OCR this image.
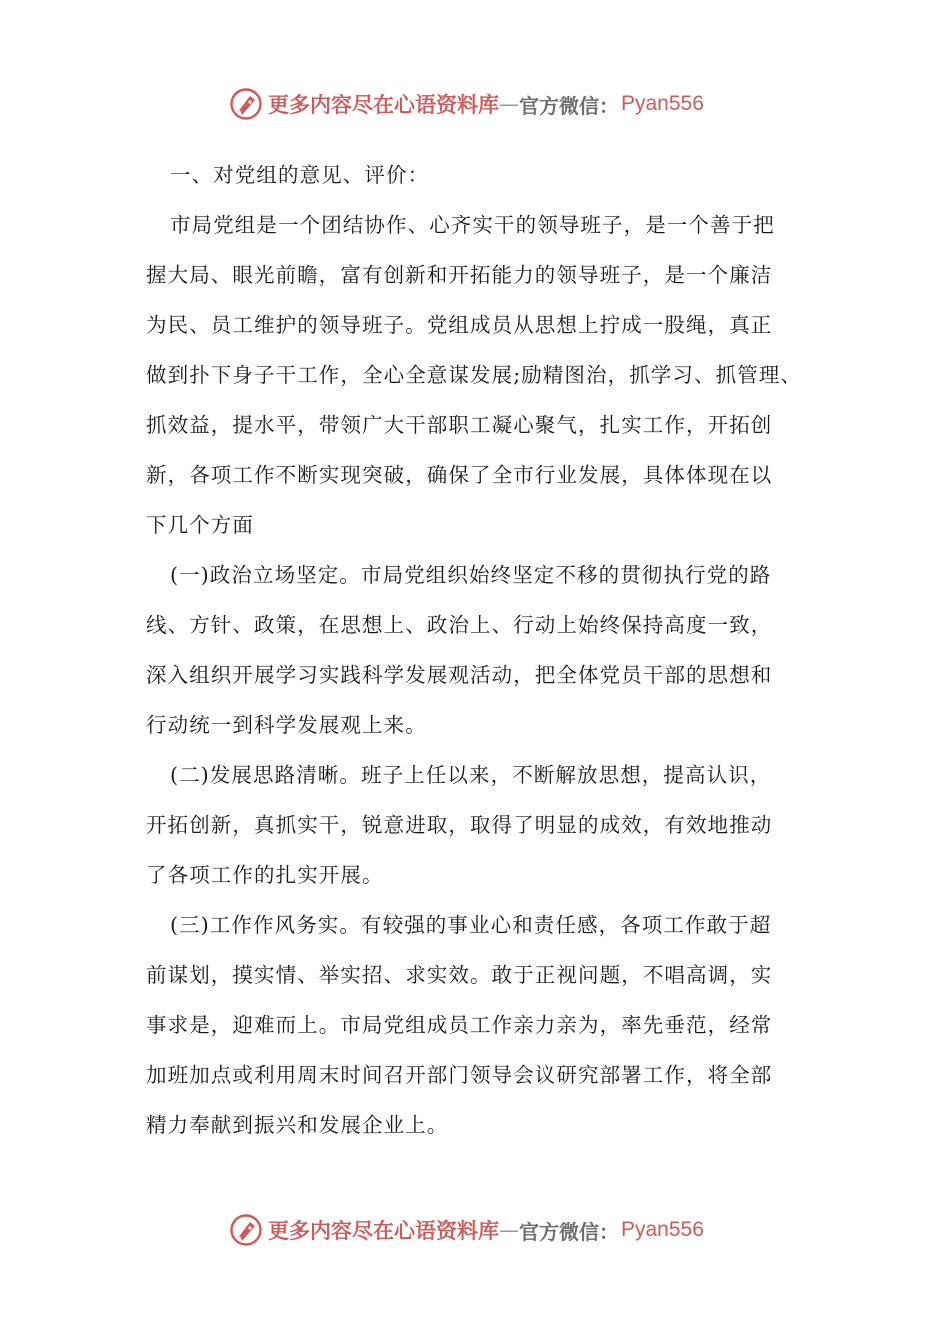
更多内容尽在心语资料库 — 官方微信： Pyan556

一、对党组的意见、评价：

市局党组是一个团结协作、心齐实干的领导班子，是一个善于把
握大局、眼光前瞻，富有创新和开拓能力的领导班子，是一个廉洁
为民、员工维护的领导班子。党组成员从思想上拧成一股绳，真正
做到扑下身子干工作，全心全意谋发展;励精图治，抓学习、抓管理、
抓效益，提水平，带领广大干部职工凝心聚气，扎实工作，开拓创
新，各项工作不断实现突破，确保了全市行业发展，具体体现在以
下几个方面

(一)政治立场坚定。市局党组织始终坚定不移的贯彻执行党的路
线、方针、政策，在思想上、政治上、行动上始终保持高度一致，
深入组织开展学习实践科学发展观活动，把全体党员干部的思想和
行动统一到科学发展观上来。

(二)发展思路清晰。班子上任以来，不断解放思想，提高认识，
开拓创新，真抓实干，锐意进取，取得了明显的成效，有效地推动
了各项工作的扎实开展。

(三)工作作风务实。有较强的事业心和责任感，各项工作敢于超
前谋划，摸实情、举实招、求实效。敢于正视问题，不唱高调，实
事求是，迎难而上。市局党组成员工作亲力亲为，率先垂范，经常
加班加点或利用周末时间召开部门领导会议研究部署工作，将全部
精力奉献到振兴和发展企业上。

更多内容尽在心语资料库 — 官方微信： Pyan556
